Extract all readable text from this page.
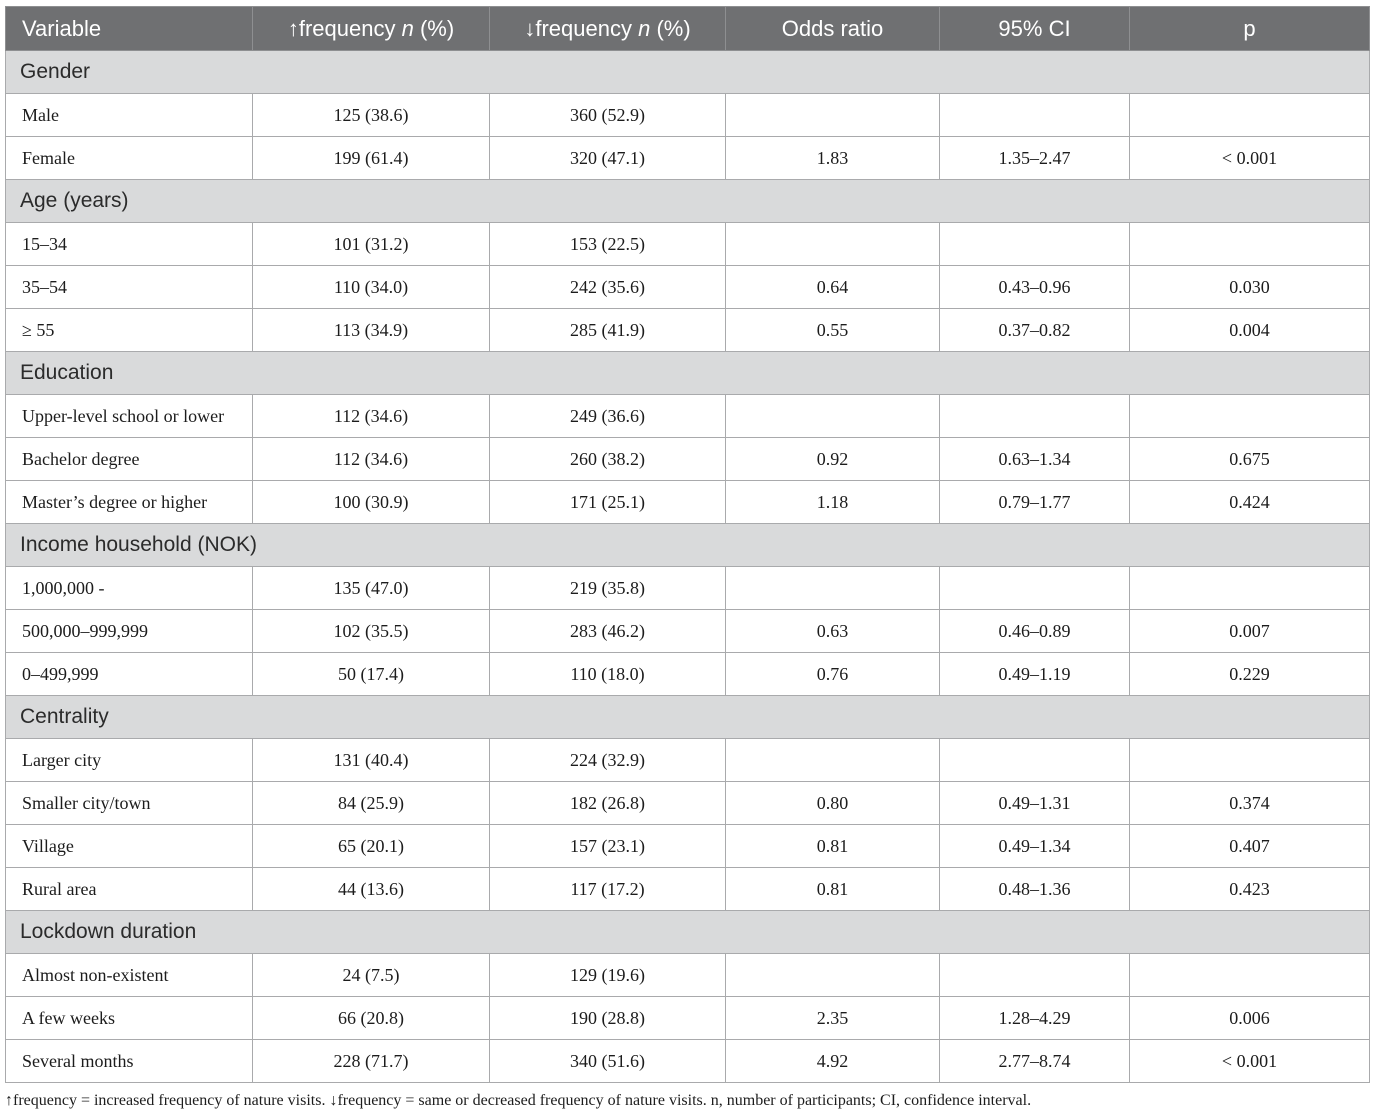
Variable	↑frequency n (%)	↓frequency n (%)	Odds ratio	95% CI	p
Gender					
Male	125 (38.6)	360 (52.9)			
Female	199 (61.4)	320 (47.1)	1.83	1.35–2.47	< 0.001
Age (years)					
15–34	101 (31.2)	153 (22.5)			
35–54	110 (34.0)	242 (35.6)	0.64	0.43–0.96	0.030
≥ 55	113 (34.9)	285 (41.9)	0.55	0.37–0.82	0.004
Education					
Upper-level school or lower	112 (34.6)	249 (36.6)			
Bachelor degree	112 (34.6)	260 (38.2)	0.92	0.63–1.34	0.675
Master’s degree or higher	100 (30.9)	171 (25.1)	1.18	0.79–1.77	0.424
Income household (NOK)					
1,000,000 -	135 (47.0)	219 (35.8)			
500,000–999,999	102 (35.5)	283 (46.2)	0.63	0.46–0.89	0.007
0–499,999	50 (17.4)	110 (18.0)	0.76	0.49–1.19	0.229
Centrality					
Larger city	131 (40.4)	224 (32.9)			
Smaller city/town	84 (25.9)	182 (26.8)	0.80	0.49–1.31	0.374
Village	65 (20.1)	157 (23.1)	0.81	0.49–1.34	0.407
Rural area	44 (13.6)	117 (17.2)	0.81	0.48–1.36	0.423
Lockdown duration					
Almost non-existent	24 (7.5)	129 (19.6)			
A few weeks	66 (20.8)	190 (28.8)	2.35	1.28–4.29	0.006
Several months	228 (71.7)	340 (51.6)	4.92	2.77–8.74	< 0.001
↑frequency = increased frequency of nature visits. ↓frequency = same or decreased frequency of nature visits. n, number of participants; CI, confidence interval.
